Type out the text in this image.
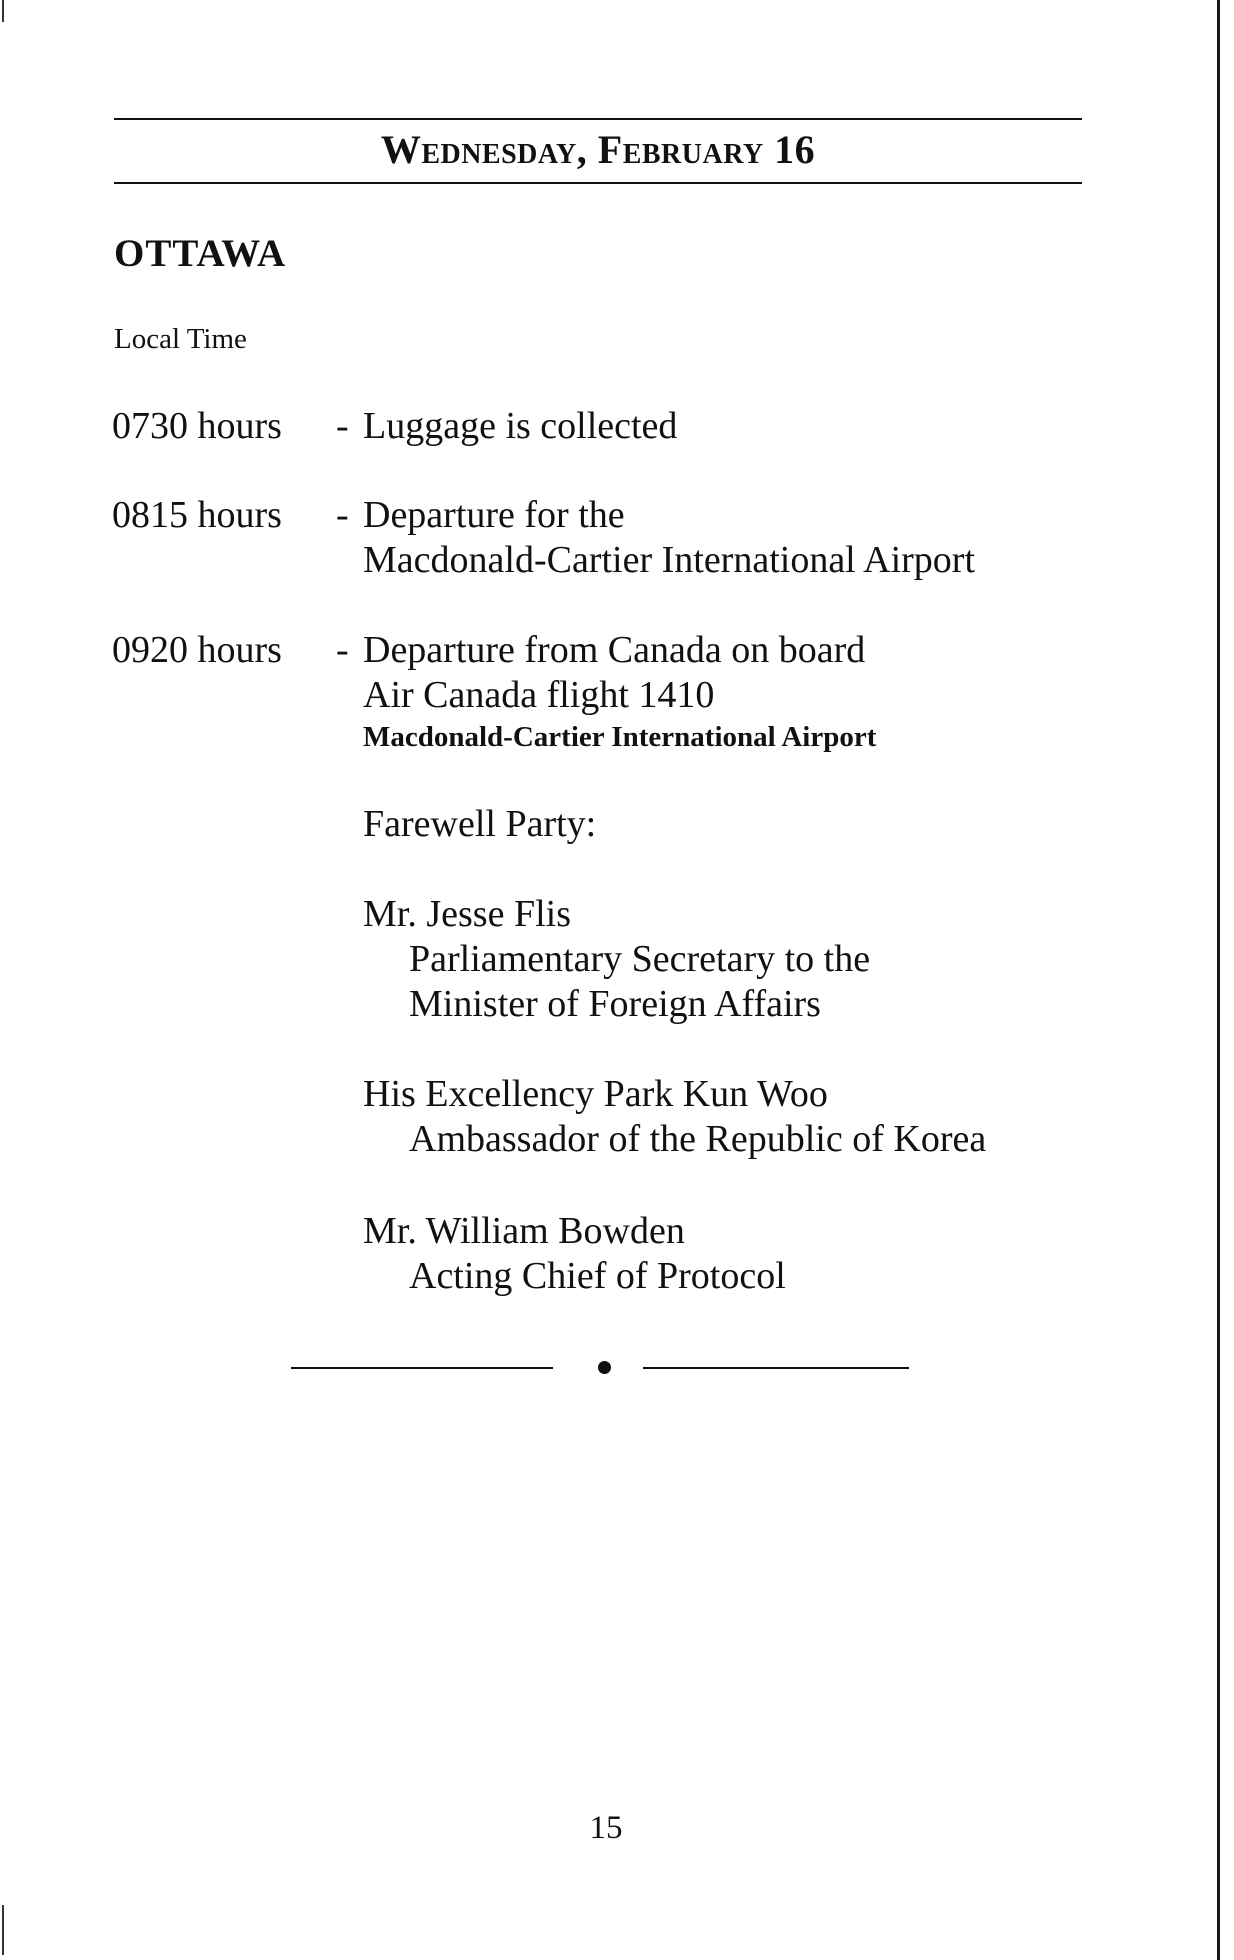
Wednesday, February 16
OTTAWA
Local Time
0730 hours - Luggage is collected
0815 hours - Departure for the
Macdonald-Cartier International Airport
0920 hours - Departure from Canada on board
Air Canada flight 1410
Macdonald-Cartier International Airport
Farewell Party:
Mr. Jesse Flis
Parliamentary Secretary to the
Minister of Foreign Affairs
His Excellency Park Kun Woo
Ambassador of the Republic of Korea
Mr. William Bowden
Acting Chief of Protocol
15
